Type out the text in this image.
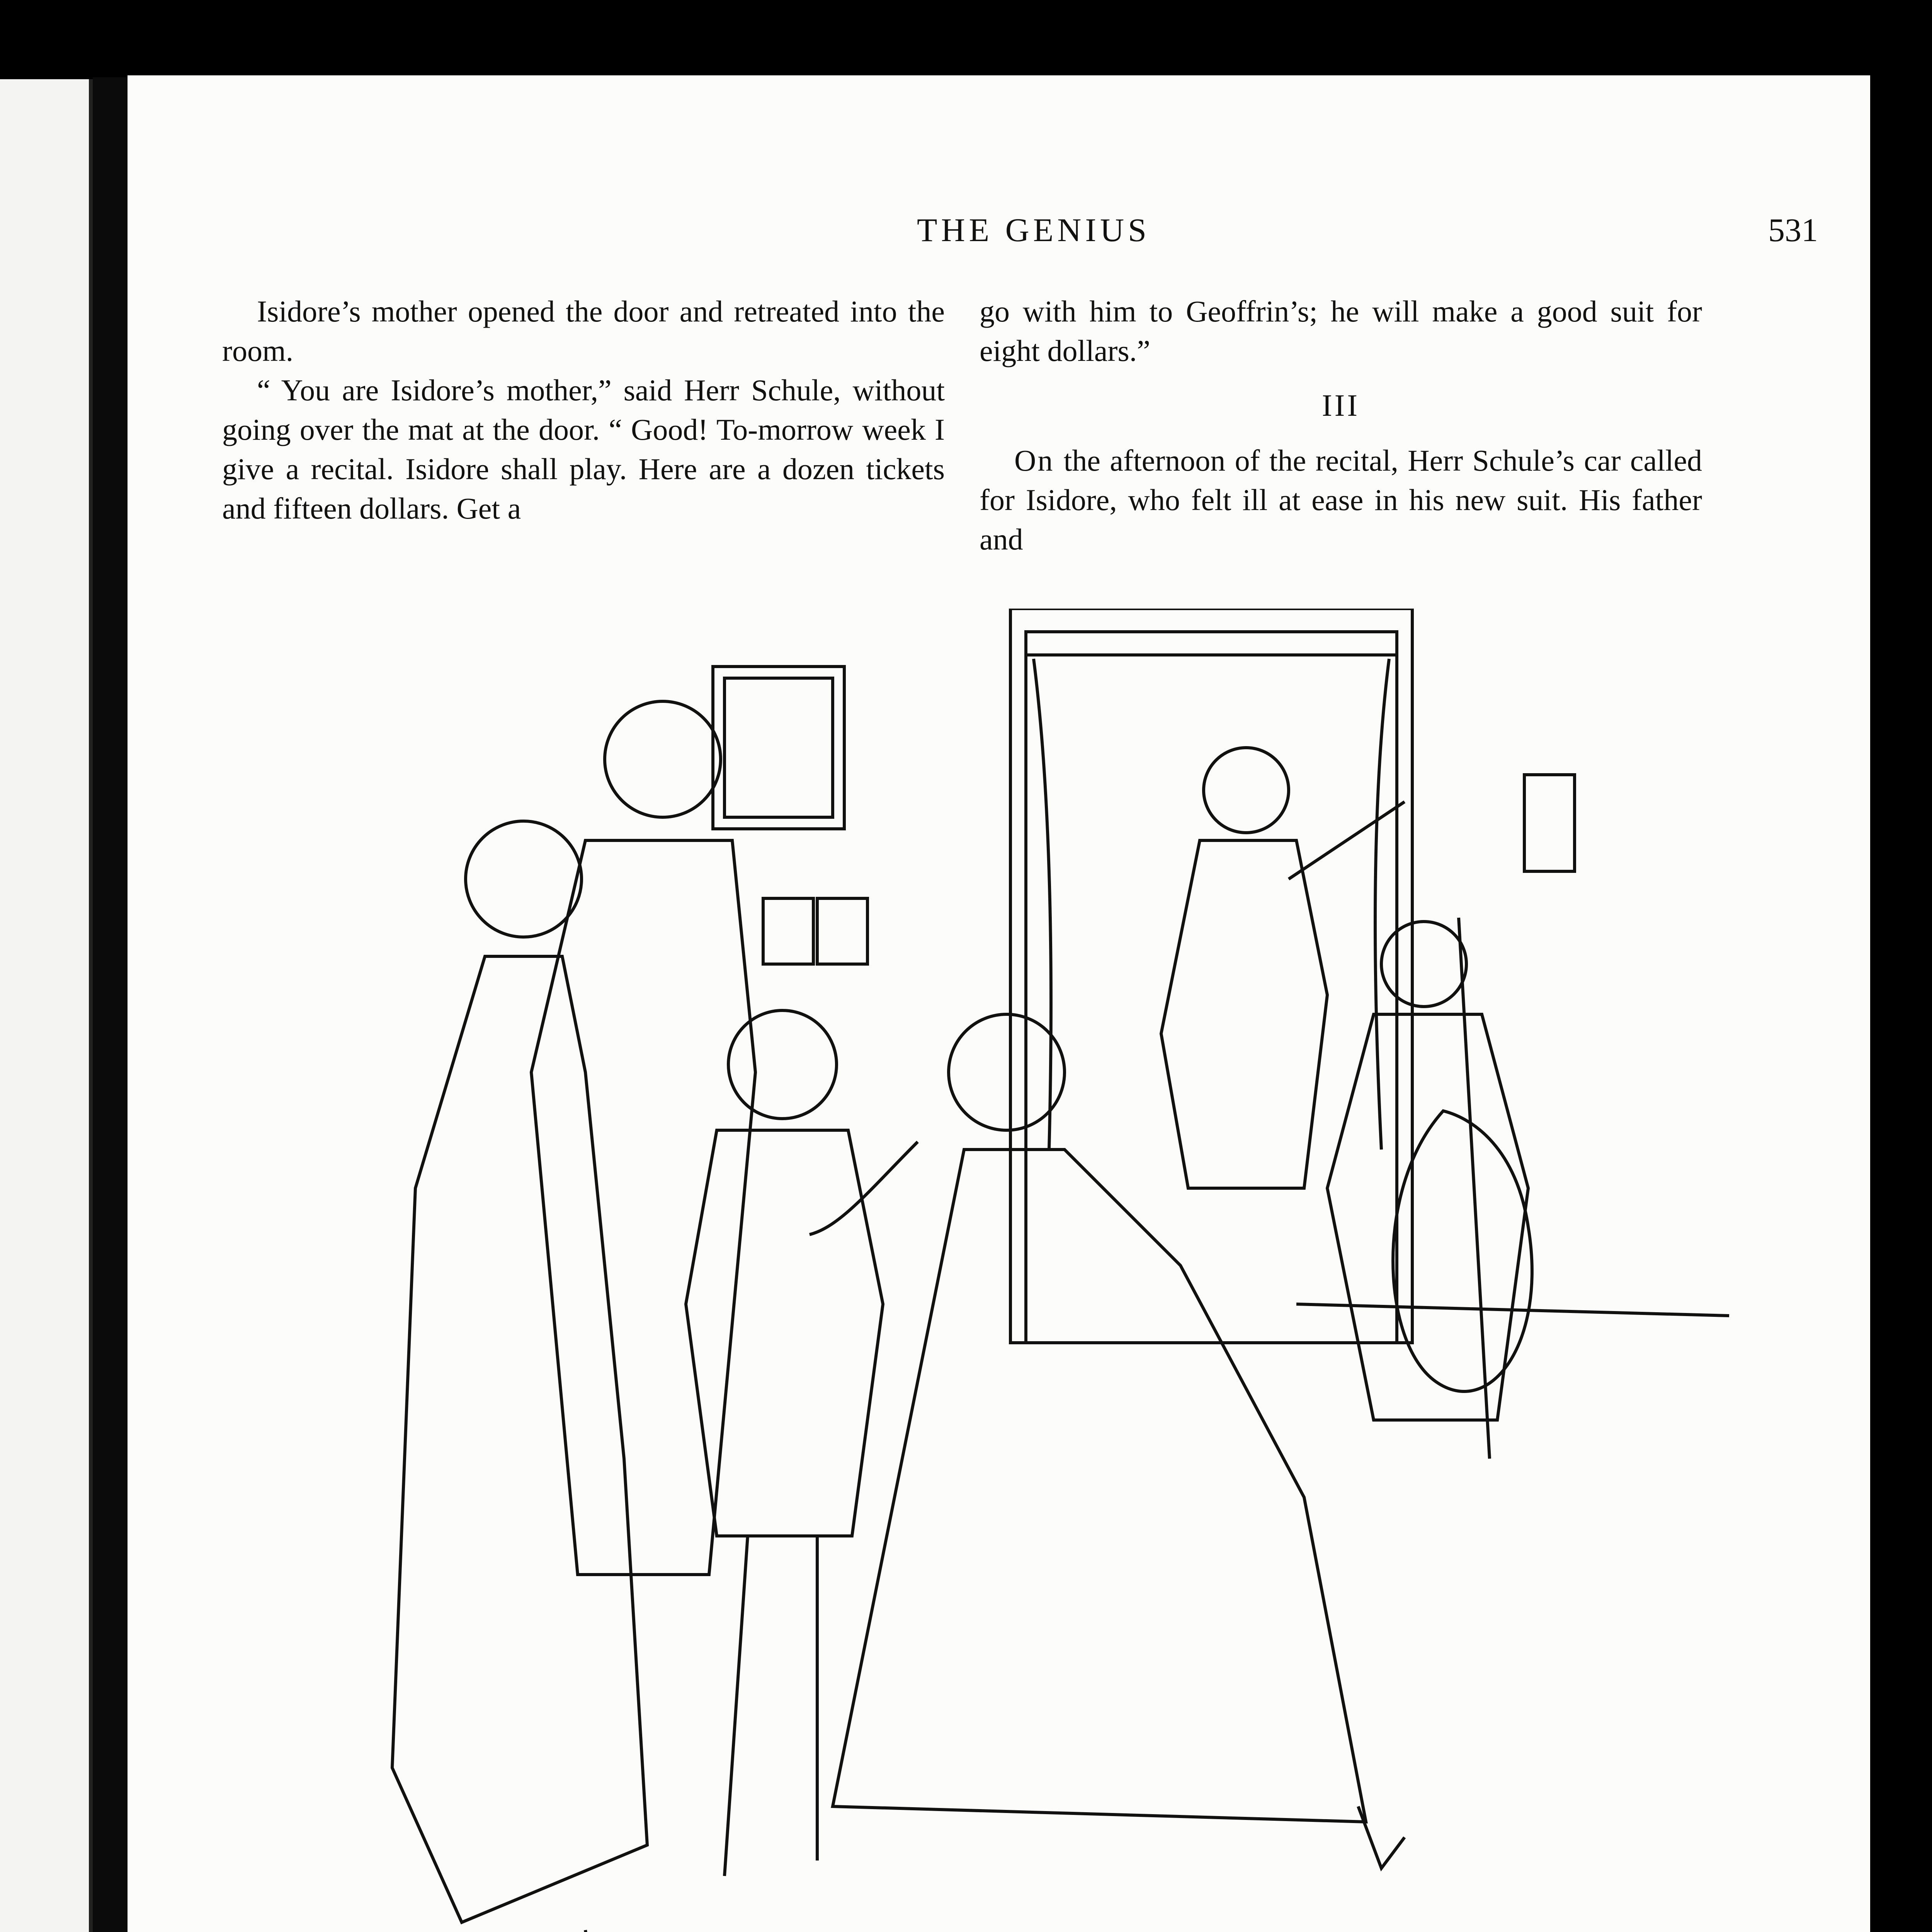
THE GENIUS	531

Isidore’s mother opened the door and retreated into the room.

“ You are Isidore’s mother,” said Herr Schule, without going over the mat at the door. “ Good! To-morrow week I give a recital. Isidore shall play. Here are a dozen tickets and fifteen dollars. Get a

go with him to Geoffrin’s; he will make a good suit for eight dollars.”

III

On the afternoon of the recital, Herr Schule’s car called for Isidore, who felt ill at ease in his new suit. His father and
